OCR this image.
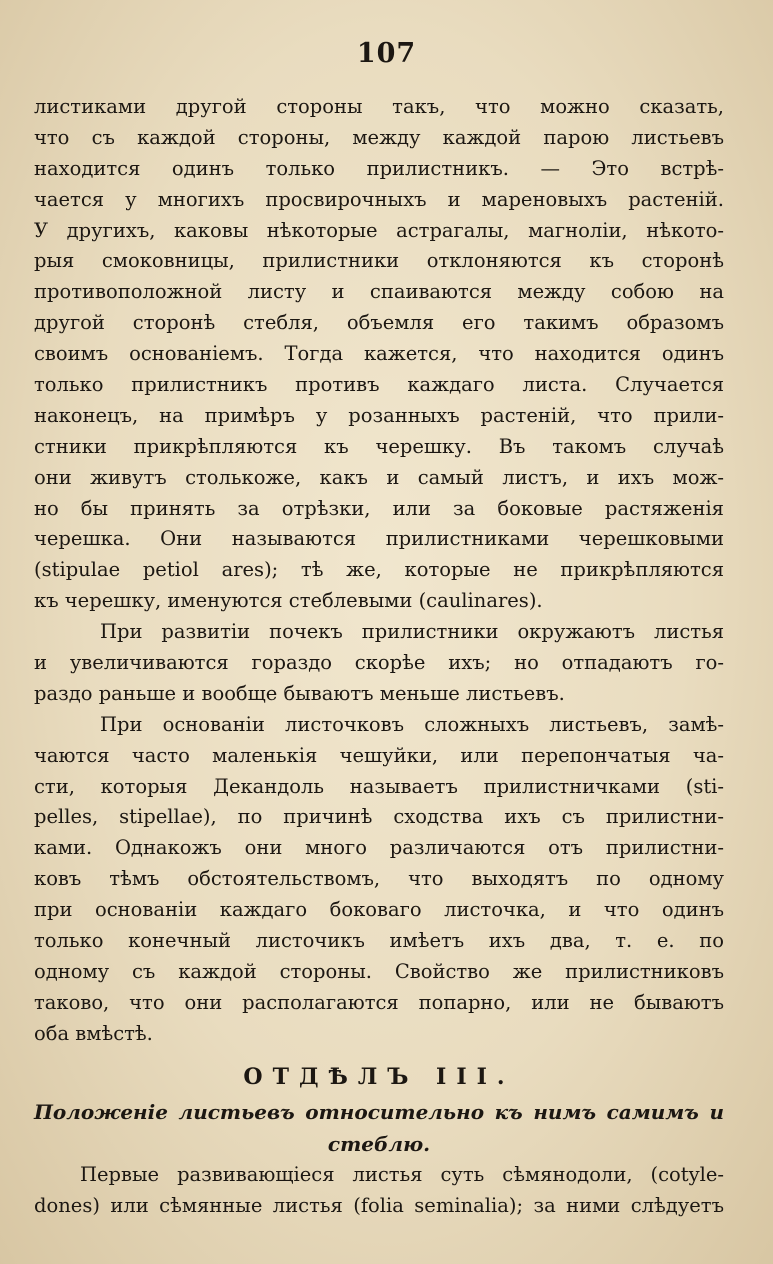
107
листиками другой стороны такъ, что можно сказать,
что съ каждой стороны, между каждой парою листьевъ
находится одинъ только прилистникъ. — Это встрѣ-
чается у многихъ просвирочныхъ и мареновыхъ растенiй.
У другихъ, каковы нѣкоторые астрагалы, магнолiи, нѣкото-
рыя смоковницы, прилистники отклоняются къ сторонѣ
противоположной листу и спаиваются между собою на
другой сторонѣ стебля, объемля его такимъ образомъ
своимъ основанiемъ. Тогда кажется, что находится одинъ
только прилистникъ противъ каждаго листа. Случается
наконецъ, на примѣръ у розанныхъ растенiй, что прили-
стники прикрѣпляются къ черешку. Въ такомъ случаѣ
они живутъ столькоже, какъ и самый листъ, и ихъ мож-
но бы принять за отрѣзки, или за боковые растяженiя
черешка. Они называются прилистниками черешковыми
(stipulae petiol ares); тѣ же, которые не прикрѣпляются
къ черешку, именуются стеблевыми (caulinares).
При развитiи почекъ прилистники окружаютъ листья
и увеличиваются гораздо скорѣе ихъ; но отпадаютъ го-
раздо раньше и вообще бываютъ меньше листьевъ.
При основанiи листочковъ сложныхъ листьевъ, замѣ-
чаются часто маленькiя чешуйки, или перепончатыя ча-
сти, которыя Декандоль называетъ прилистничками (sti-
pelles, stipellae), по причинѣ сходства ихъ съ прилистни-
ками. Однакожъ они много различаются отъ прилистни-
ковъ тѣмъ обстоятельствомъ, что выходятъ по одному
при основанiи каждаго боковаго листочка, и что одинъ
только конечный листочикъ имѣетъ ихъ два, т. е. по
одному съ каждой стороны. Свойство же прилистниковъ
таково, что они располагаются попарно, или не бываютъ
оба вмѣстѣ.
ОТДѢЛЪ III.
Положенiе листьевъ относительно къ нимъ самимъ и
стеблю.
Первые развивающiеся листья суть сѣмянодоли, (cotyle-
dones) или сѣмянные листья (folia seminalia); за ними слѣдуетъ
